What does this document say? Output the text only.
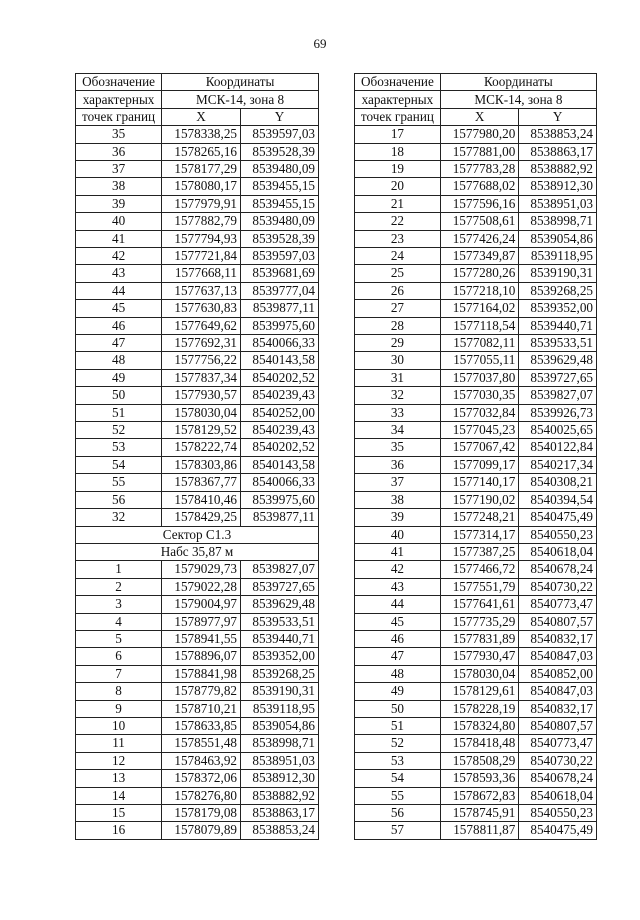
69
Обозначение	Координаты	
характерных	МСК-14, зона 8	
точек границ	X	Y
35	1578338,25	8539597,03
36	1578265,16	8539528,39
37	1578177,29	8539480,09
38	1578080,17	8539455,15
39	1577979,91	8539455,15
40	1577882,79	8539480,09
41	1577794,93	8539528,39
42	1577721,84	8539597,03
43	1577668,11	8539681,69
44	1577637,13	8539777,04
45	1577630,83	8539877,11
46	1577649,62	8539975,60
47	1577692,31	8540066,33
48	1577756,22	8540143,58
49	1577837,34	8540202,52
50	1577930,57	8540239,43
51	1578030,04	8540252,00
52	1578129,52	8540239,43
53	1578222,74	8540202,52
54	1578303,86	8540143,58
55	1578367,77	8540066,33
56	1578410,46	8539975,60
32	1578429,25	8539877,11
Сектор С1.3		
Набс 35,87 м		
1	1579029,73	8539827,07
2	1579022,28	8539727,65
3	1579004,97	8539629,48
4	1578977,97	8539533,51
5	1578941,55	8539440,71
6	1578896,07	8539352,00
7	1578841,98	8539268,25
8	1578779,82	8539190,31
9	1578710,21	8539118,95
10	1578633,85	8539054,86
11	1578551,48	8538998,71
12	1578463,92	8538951,03
13	1578372,06	8538912,30
14	1578276,80	8538882,92
15	1578179,08	8538863,17
16	1578079,89	8538853,24
Обозначение	Координаты	
характерных	МСК-14, зона 8	
точек границ	X	Y
17	1577980,20	8538853,24
18	1577881,00	8538863,17
19	1577783,28	8538882,92
20	1577688,02	8538912,30
21	1577596,16	8538951,03
22	1577508,61	8538998,71
23	1577426,24	8539054,86
24	1577349,87	8539118,95
25	1577280,26	8539190,31
26	1577218,10	8539268,25
27	1577164,02	8539352,00
28	1577118,54	8539440,71
29	1577082,11	8539533,51
30	1577055,11	8539629,48
31	1577037,80	8539727,65
32	1577030,35	8539827,07
33	1577032,84	8539926,73
34	1577045,23	8540025,65
35	1577067,42	8540122,84
36	1577099,17	8540217,34
37	1577140,17	8540308,21
38	1577190,02	8540394,54
39	1577248,21	8540475,49
40	1577314,17	8540550,23
41	1577387,25	8540618,04
42	1577466,72	8540678,24
43	1577551,79	8540730,22
44	1577641,61	8540773,47
45	1577735,29	8540807,57
46	1577831,89	8540832,17
47	1577930,47	8540847,03
48	1578030,04	8540852,00
49	1578129,61	8540847,03
50	1578228,19	8540832,17
51	1578324,80	8540807,57
52	1578418,48	8540773,47
53	1578508,29	8540730,22
54	1578593,36	8540678,24
55	1578672,83	8540618,04
56	1578745,91	8540550,23
57	1578811,87	8540475,49
